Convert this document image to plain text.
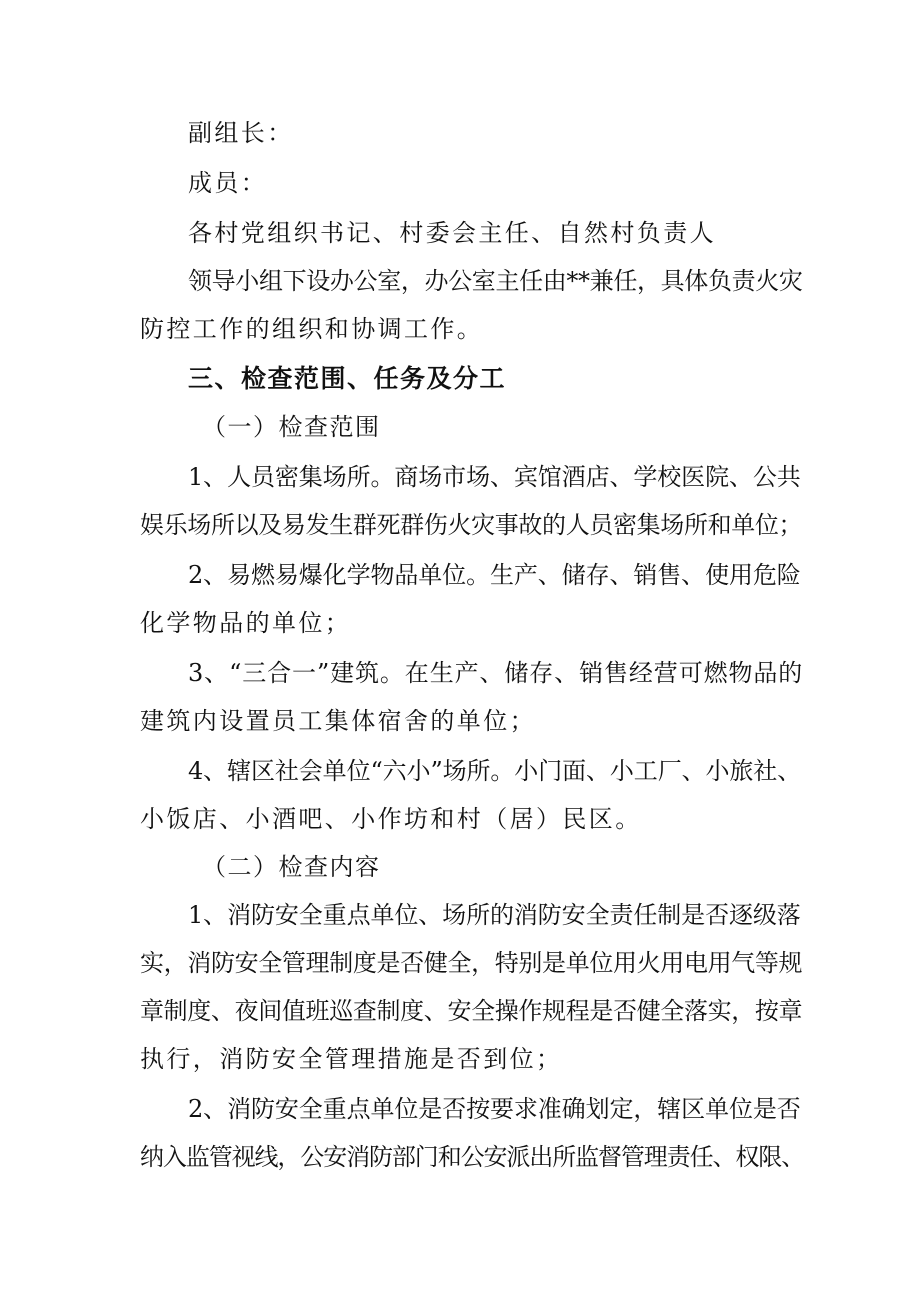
副组长：
成员：
各村党组织书记、村委会主任、自然村负责人
领导小组下设办公室，办公室主任由**兼任，具体负责火灾
防控工作的组织和协调工作。
三、检查范围、任务及分工
（一）检查范围
1、人员密集场所。商场市场、宾馆酒店、学校医院、公共
娱乐场所以及易发生群死群伤火灾事故的人员密集场所和单位；
2、易燃易爆化学物品单位。生产、储存、销售、使用危险
化学物品的单位；
3、“三合一”建筑。在生产、储存、销售经营可燃物品的
建筑内设置员工集体宿舍的单位；
4、辖区社会单位“六小”场所。小门面、小工厂、小旅社、
小饭店、小酒吧、小作坊和村（居）民区。
（二）检查内容
1、消防安全重点单位、场所的消防安全责任制是否逐级落
实，消防安全管理制度是否健全，特别是单位用火用电用气等规
章制度、夜间值班巡查制度、安全操作规程是否健全落实，按章
执行，消防安全管理措施是否到位；
2、消防安全重点单位是否按要求准确划定，辖区单位是否
纳入监管视线，公安消防部门和公安派出所监督管理责任、权限、
